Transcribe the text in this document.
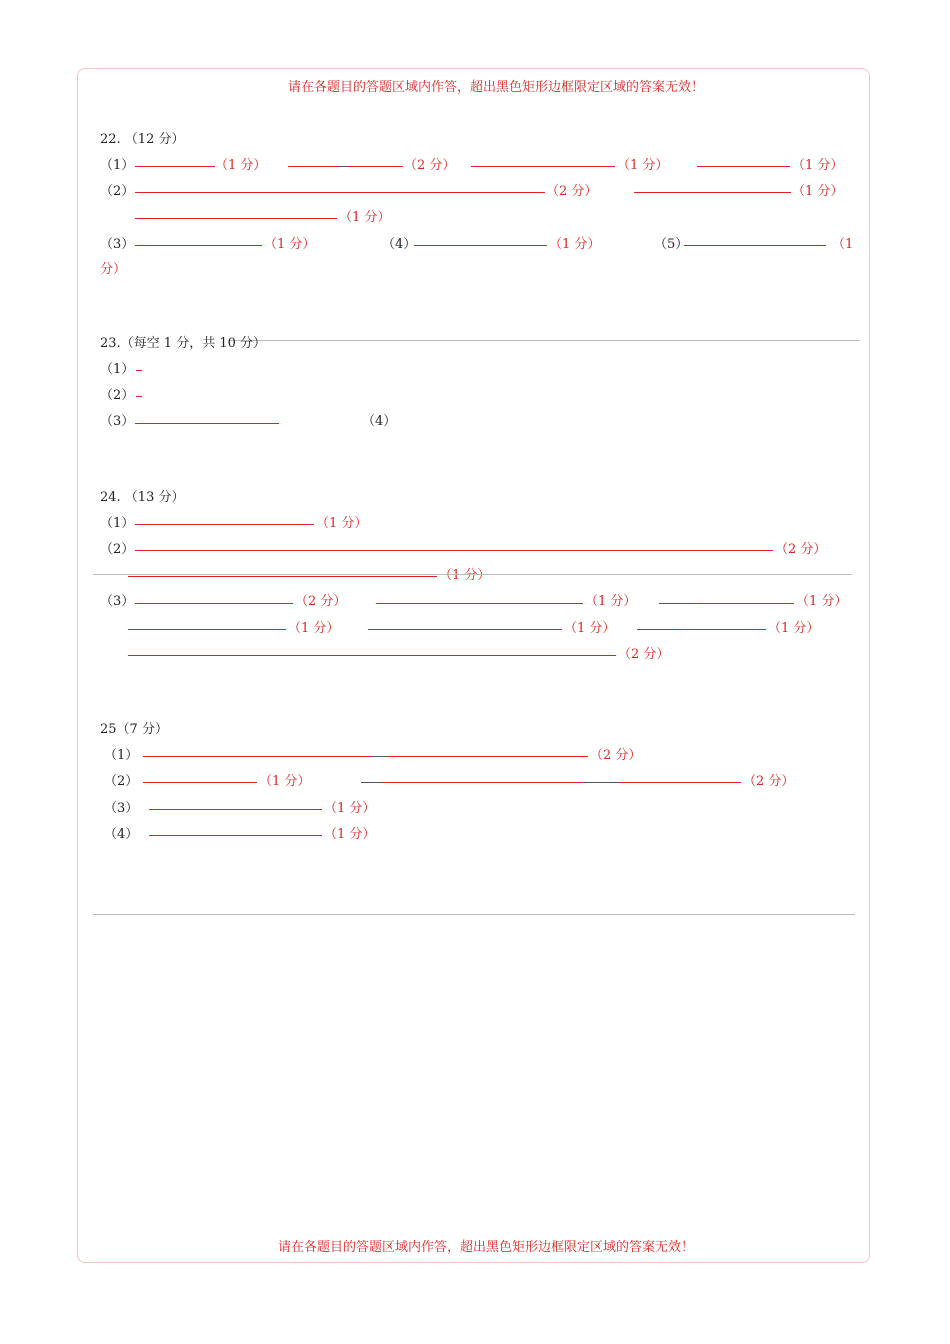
请在各题目的答题区域内作答，超出黑色矩形边框限定区域的答案无效！
22. （12 分）
（1）	（1 分）	（2 分）	（1 分）	（1 分）
（2）	（2 分）	（1 分）
（1 分）
（3）	（1 分）	（4）	（1 分）	（5）	（1
分）
23.（每空 1 分，共 10 分）
（1）
（2）
（3）	（4）
24. （13 分）
（1）	（1 分）
（2）	（2 分）
（1 分）
（3）	（2 分）	（1 分）	（1 分）
（1 分）	（1 分）	（1 分）
（2 分）
25（7 分）
（1）	（2 分）
（2）	（1 分）	（2 分）
（3）	（1 分）
（4）	（1 分）
请在各题目的答题区域内作答，超出黑色矩形边框限定区域的答案无效！
